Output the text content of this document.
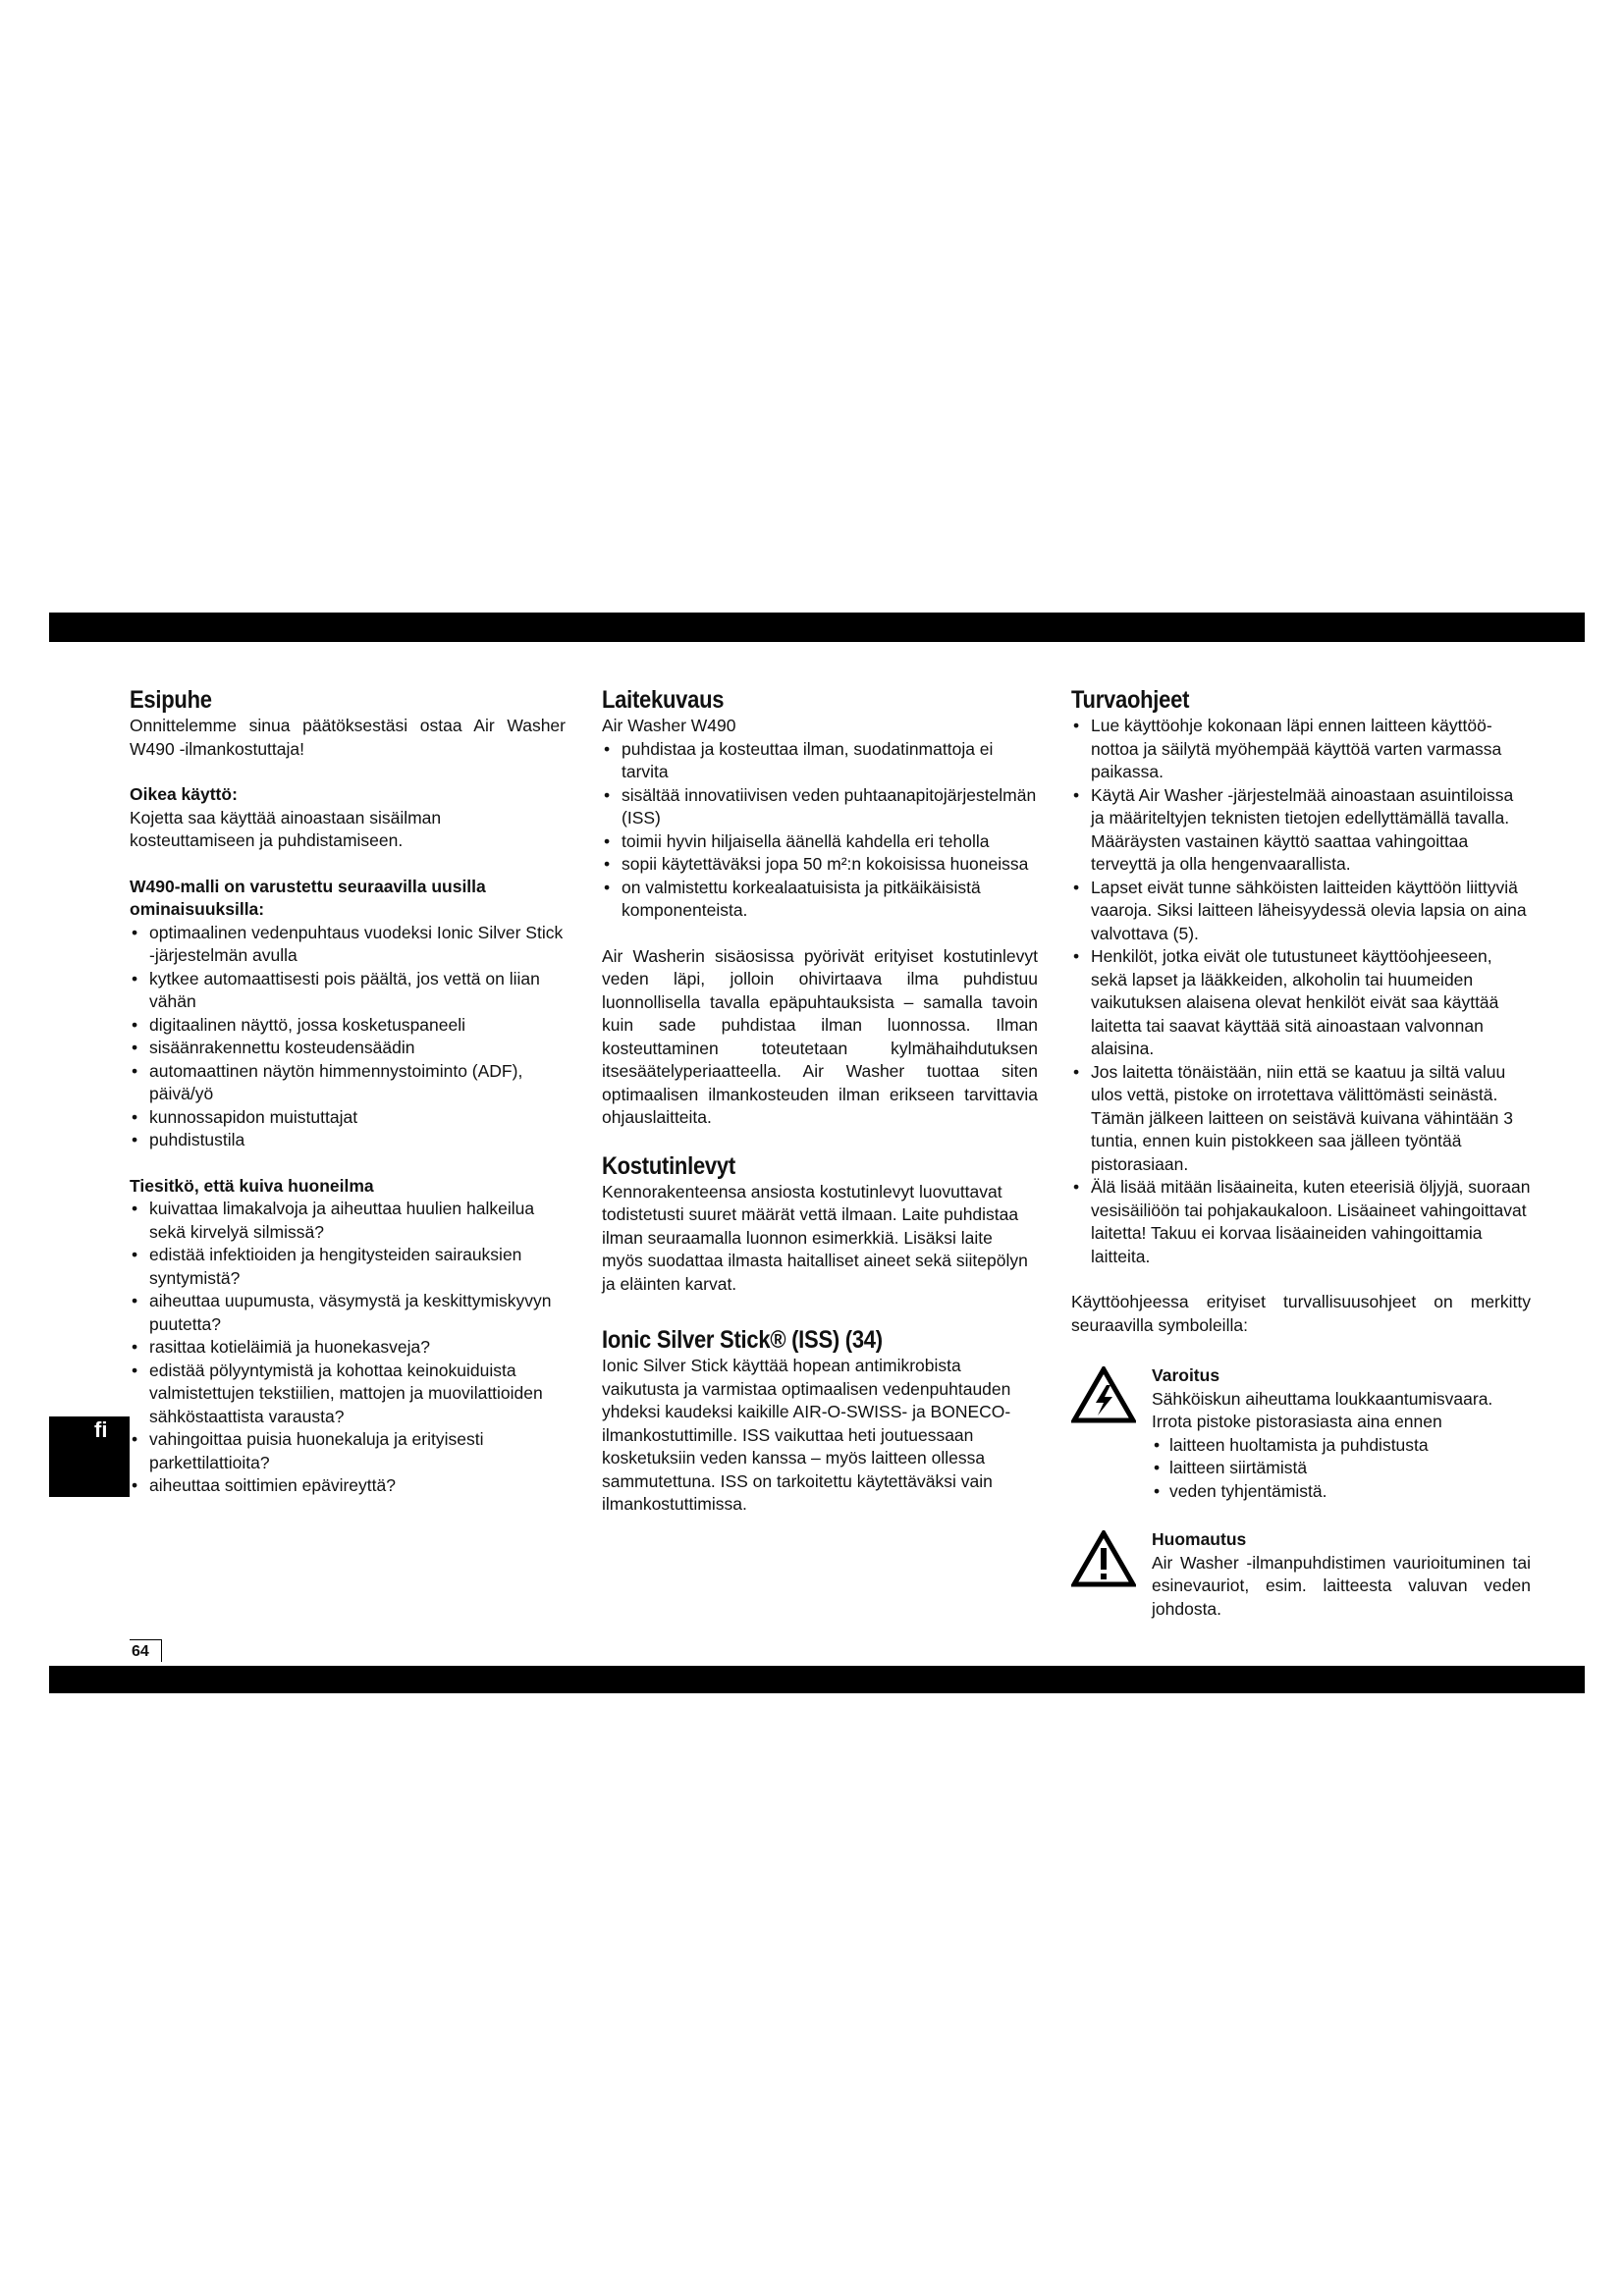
Esipuhe

Onnittelemme sinua päätöksestäsi ostaa Air Washer W490 -ilmankostuttaja!

Oikea käyttö:

Kojetta saa käyttää ainoastaan sisäilman kosteuttamiseen ja puhdistamiseen.

W490-malli on varustettu seuraavilla uusilla ominaisuuksilla:
• optimaalinen vedenpuhtaus vuodeksi Ionic Silver Stick -järjestelmän avulla
• kytkee automaattisesti pois päältä, jos vettä on liian vähän
• digitaalinen näyttö, jossa kosketuspaneeli
• sisäänrakennettu kosteudensäädin
• automaattinen näytön himmennystoiminto (ADF), päivä/yö
• kunnossapidon muistuttajat
• puhdistustila
Tiesitkö, että kuiva huoneilma
• kuivattaa limakalvoja ja aiheuttaa huulien halkeilua sekä kirvelyä silmissä?
• edistää infektioiden ja hengitysteiden sairauksien syntymistä?
• aiheuttaa uupumusta, väsymystä ja keskittymiskyvyn puutetta?
• rasittaa kotieläimiä ja huonekasveja?
• edistää pölyyntymistä ja kohottaa keinokuiduista valmistettujen tekstiilien, mattojen ja muovilattioiden sähköstaattista varausta?
• vahingoittaa puisia huonekaluja ja erityisesti parkettilattioita?
• aiheuttaa soittimien epävireyttä?
Laitekuvaus

Air Washer W490

• puhdistaa ja kosteuttaa ilman, suodatinmattoja ei tarvita
• sisältää innovatiivisen veden puhtaanapitojärjestelmän (ISS)
• toimii hyvin hiljaisella äänellä kahdella eri teholla
• sopii käytettäväksi jopa 50 m²:n kokoisissa huoneissa
• on valmistettu korkealaatuisista ja pitkäikäisistä komponenteista.

Air Washerin sisäosissa pyörivät erityiset kostutinlevyt veden läpi, jolloin ohivirtaava ilma puhdistuu luonnollisella tavalla epäpuhtauksista – samalla tavoin kuin sade puhdistaa ilman luonnossa. Ilman kosteuttaminen toteutetaan kylmähaihdutuksen itsesäätelyperiaatteella. Air Washer tuottaa siten optimaalisen ilmankosteuden ilman erikseen tarvittavia ohjauslaitteita.

Kostutinlevyt

Kennorakenteensa ansiosta kostutinlevyt luovuttavat todistetusti suuret määrät vettä ilmaan. Laite puhdistaa ilman seuraamalla luonnon esimerkkiä. Lisäksi laite myös suodattaa ilmasta haitalliset aineet sekä siitepölyn ja eläinten karvat.

Ionic Silver Stick® (ISS) (34)

Ionic Silver Stick käyttää hopean antimikrobista vaikutusta ja varmistaa optimaalisen vedenpuhtauden yhdeksi kaudeksi kaikille AIR-O-SWISS- ja BONECO-ilmankostuttimille. ISS vaikuttaa heti joutuessaan kosketuksiin veden kanssa – myös laitteen ollessa sammutettuna. ISS on tarkoitettu käytettäväksi vain ilmankostuttimissa.

Turvaohjeet
• Lue käyttöohje kokonaan läpi ennen laitteen käyttöönottoa ja säilytä myöhempää käyttöä varten varmassa paikassa.
• Käytä Air Washer -järjestelmää ainoastaan asuintiloissa ja määriteltyjen teknisten tietojen edellyttämällä tavalla. Määräysten vastainen käyttö saattaa vahingoittaa terveyttä ja olla hengenvaarallista.
• Lapset eivät tunne sähköisten laitteiden käyttöön liittyviä vaaroja. Siksi laitteen läheisyydessä olevia lapsia on aina valvottava (5).
• Henkilöt, jotka eivät ole tutustuneet käyttöohjeeseen, sekä lapset ja lääkkeiden, alkoholin tai huumeiden vaikutuksen alaisena olevat henkilöt eivät saa käyttää laitetta tai saavat käyttää sitä ainoastaan valvonnan alaisina.
• Jos laitetta tönäistään, niin että se kaatuu ja siltä valuu ulos vettä, pistoke on irrotettava välittömästi seinästä. Tämän jälkeen laitteen on seistävä kuivana vähintään 3 tuntia, ennen kuin pistokkeen saa jälleen työntää pistorasiaan.
• Älä lisää mitään lisäaineita, kuten eteerisiä öljyjä, suoraan vesisäiliöön tai pohjakaukaloon. Lisäaineet vahingoittavat laitetta! Takuu ei korvaa lisäaineiden vahingoittamia laitteita.

Käyttöohjeessa erityiset turvallisuusohjeet on merkitty seuraavilla symboleilla:

Varoitus

Sähköiskun aiheuttama loukkaantumisvaara.

Irrota pistoke pistorasiasta aina ennen

• laitteen huoltamista ja puhdistusta
• laitteen siirtämistä
• veden tyhjentämistä.
Huomautus

Air Washer -ilmanpuhdistimen vaurioituminen tai esinevauriot, esim. laitteesta valuvan veden johdosta.

fi
64
